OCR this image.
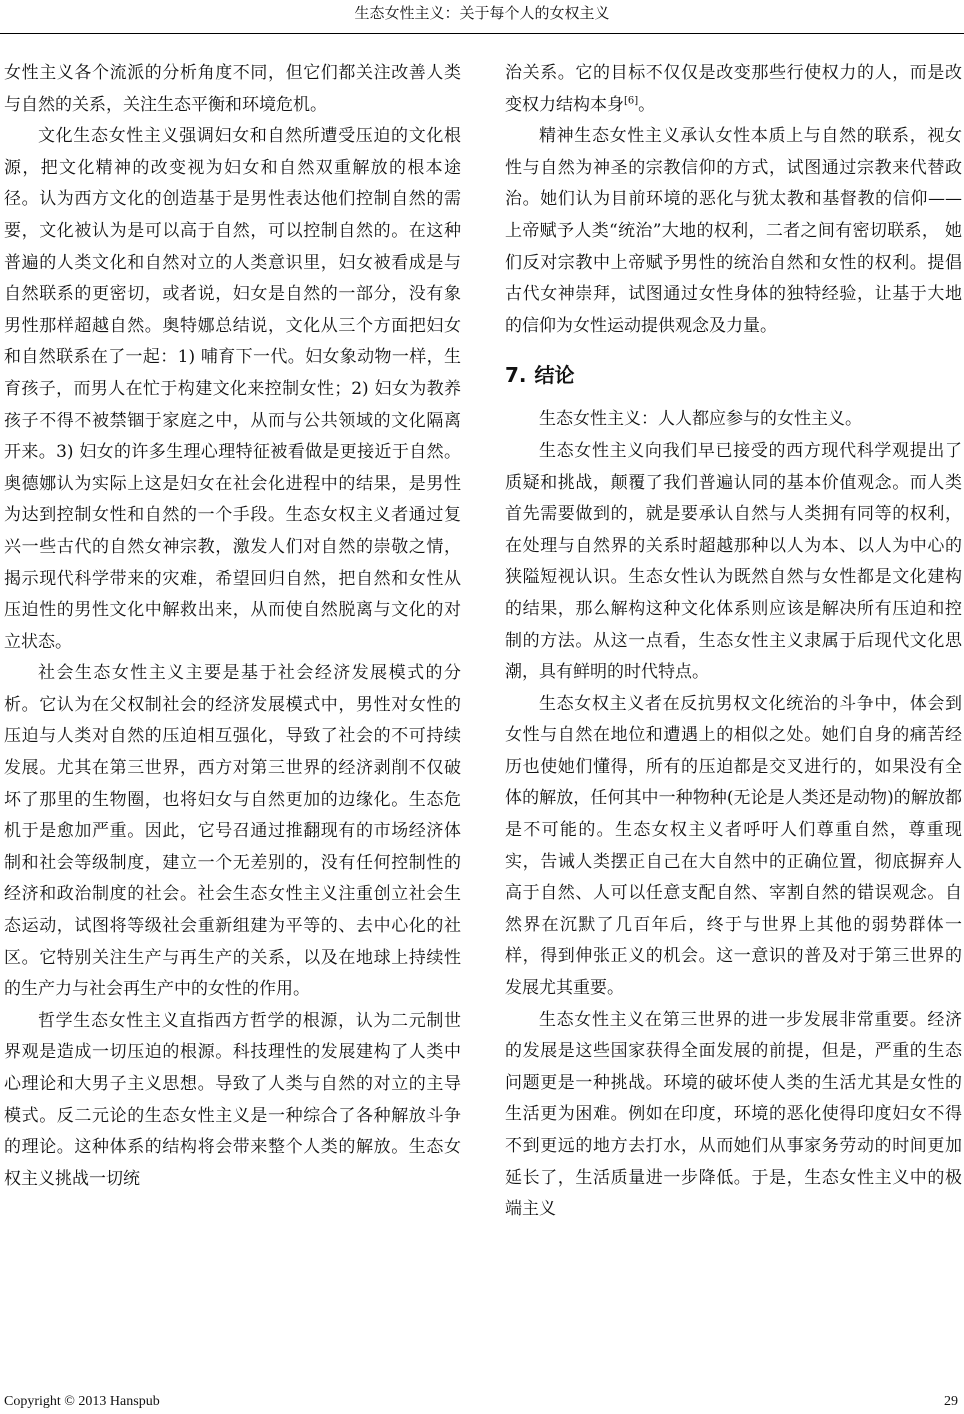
生态女性主义：关于每个人的女权主义

女性主义各个流派的分析角度不同，但它们都关注改善人类与自然的关系，关注生态平衡和环境危机。

文化生态女性主义强调妇女和自然所遭受压迫的文化根源，把文化精神的改变视为妇女和自然双重解放的根本途径。认为西方文化的创造基于是男性表达他们控制自然的需要，文化被认为是可以高于自然，可以控制自然的。在这种普遍的人类文化和自然对立的人类意识里，妇女被看成是与自然联系的更密切，或者说，妇女是自然的一部分，没有象男性那样超越自然。奥特娜总结说，文化从三个方面把妇女和自然联系在了一起：1) 哺育下一代。妇女象动物一样，生育孩子，而男人在忙于构建文化来控制女性；2) 妇女为教养孩子不得不被禁锢于家庭之中，从而与公共领域的文化隔离开来。3) 妇女的许多生理心理特征被看做是更接近于自然。奥德娜认为实际上这是妇女在社会化进程中的结果，是男性为达到控制女性和自然的一个手段。生态女权主义者通过复兴一些古代的自然女神宗教，激发人们对自然的崇敬之情，揭示现代科学带来的灾难，希望回归自然，把自然和女性从压迫性的男性文化中解救出来，从而使自然脱离与文化的对立状态。

社会生态女性主义主要是基于社会经济发展模式的分析。它认为在父权制社会的经济发展模式中，男性对女性的压迫与人类对自然的压迫相互强化，导致了社会的不可持续发展。尤其在第三世界，西方对第三世界的经济剥削不仅破坏了那里的生物圈，也将妇女与自然更加的边缘化。生态危机于是愈加严重。因此，它号召通过推翻现有的市场经济体制和社会等级制度，建立一个无差别的，没有任何控制性的经济和政治制度的社会。社会生态女性主义注重创立社会生态运动，试图将等级社会重新组建为平等的、去中心化的社区。它特别关注生产与再生产的关系，以及在地球上持续性的生产力与社会再生产中的女性的作用。

哲学生态女性主义直指西方哲学的根源，认为二元制世界观是造成一切压迫的根源。科技理性的发展建构了人类中心理论和大男子主义思想。导致了人类与自然的对立的主导模式。反二元论的生态女性主义是一种综合了各种解放斗争的理论。这种体系的结构将会带来整个人类的解放。生态女权主义挑战一切统

治关系。它的目标不仅仅是改变那些行使权力的人，而是改变权力结构本身[6]。

精神生态女性主义承认女性本质上与自然的联系，视女性与自然为神圣的宗教信仰的方式，试图通过宗教来代替政治。她们认为目前环境的恶化与犹太教和基督教的信仰——上帝赋予人类“统治”大地的权利，二者之间有密切联系， 她们反对宗教中上帝赋予男性的统治自然和女性的权利。提倡古代女神崇拜，试图通过女性身体的独特经验，让基于大地的信仰为女性运动提供观念及力量。

7. 结论

生态女性主义：人人都应参与的女性主义。

生态女性主义向我们早已接受的西方现代科学观提出了质疑和挑战，颠覆了我们普遍认同的基本价值观念。而人类首先需要做到的，就是要承认自然与人类拥有同等的权利，在处理与自然界的关系时超越那种以人为本、以人为中心的狭隘短视认识。生态女性认为既然自然与女性都是文化建构的结果，那么解构这种文化体系则应该是解决所有压迫和控制的方法。从这一点看，生态女性主义隶属于后现代文化思潮，具有鲜明的时代特点。

生态女权主义者在反抗男权文化统治的斗争中，体会到女性与自然在地位和遭遇上的相似之处。她们自身的痛苦经历也使她们懂得，所有的压迫都是交叉进行的，如果没有全体的解放，任何其中一种物种(无论是人类还是动物)的解放都是不可能的。生态女权主义者呼吁人们尊重自然，尊重现实，告诫人类摆正自己在大自然中的正确位置，彻底摒弃人高于自然、人可以任意支配自然、宰割自然的错误观念。自然界在沉默了几百年后，终于与世界上其他的弱势群体一样，得到伸张正义的机会。这一意识的普及对于第三世界的发展尤其重要。

生态女性主义在第三世界的进一步发展非常重要。经济的发展是这些国家获得全面发展的前提，但是，严重的生态问题更是一种挑战。环境的破坏使人类的生活尤其是女性的生活更为困难。例如在印度，环境的恶化使得印度妇女不得不到更远的地方去打水，从而她们从事家务劳动的时间更加延长了，生活质量进一步降低。于是，生态女性主义中的极端主义

Copyright © 2013 Hanspub	29
